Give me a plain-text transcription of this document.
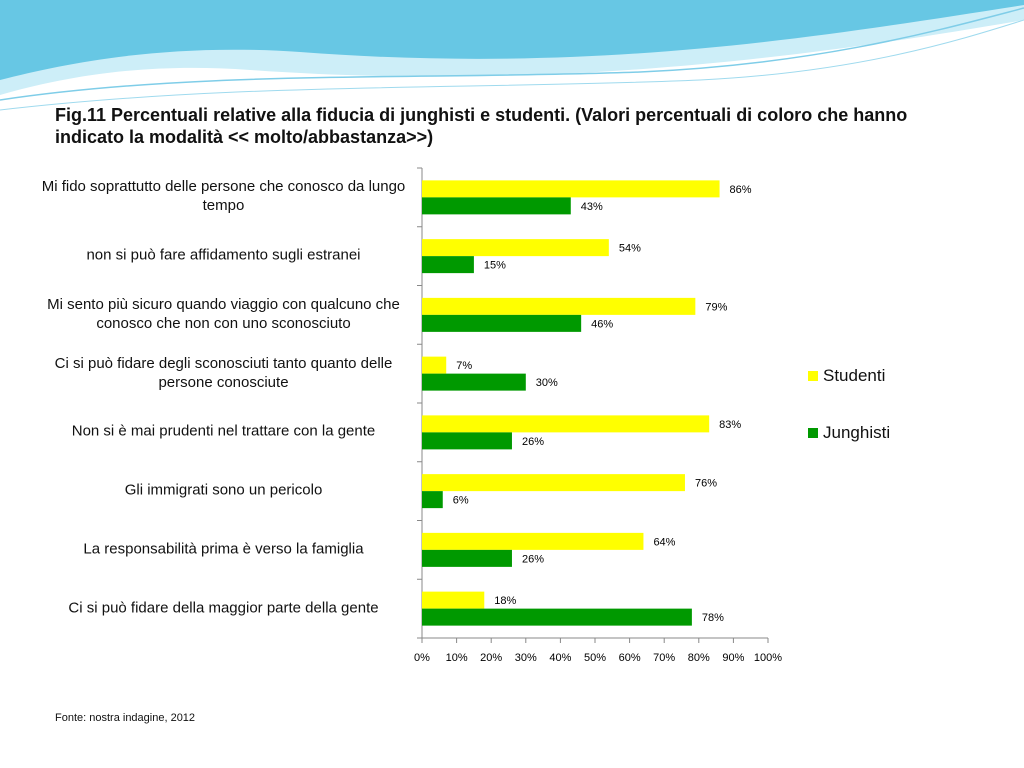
Fig.11 Percentuali relative alla fiducia di junghisti e studenti. (Valori percentuali di coloro che hanno indicato la modalità << molto/abbastanza>>)
Mi fido soprattutto delle persone che conosco da lungo tempo
non si può fare affidamento sugli estranei
Mi sento più sicuro quando viaggio con qualcuno che conosco che non con uno sconosciuto
Ci si può fidare degli sconosciuti tanto quanto delle persone conosciute
Non si è mai prudenti nel trattare con la gente
Gli immigrati sono un pericolo
La responsabilità prima è verso la famiglia
Ci si può fidare della maggior parte della gente
0% 10% 20% 30% 40% 50% 60% 70% 80% 90% 100%
86%
43%
54%
15%
79%
46%
7%
30%
83%
26%
76%
6%
64%
26%
18%
78%
Studenti
Junghisti
Fonte: nostra indagine, 2012
